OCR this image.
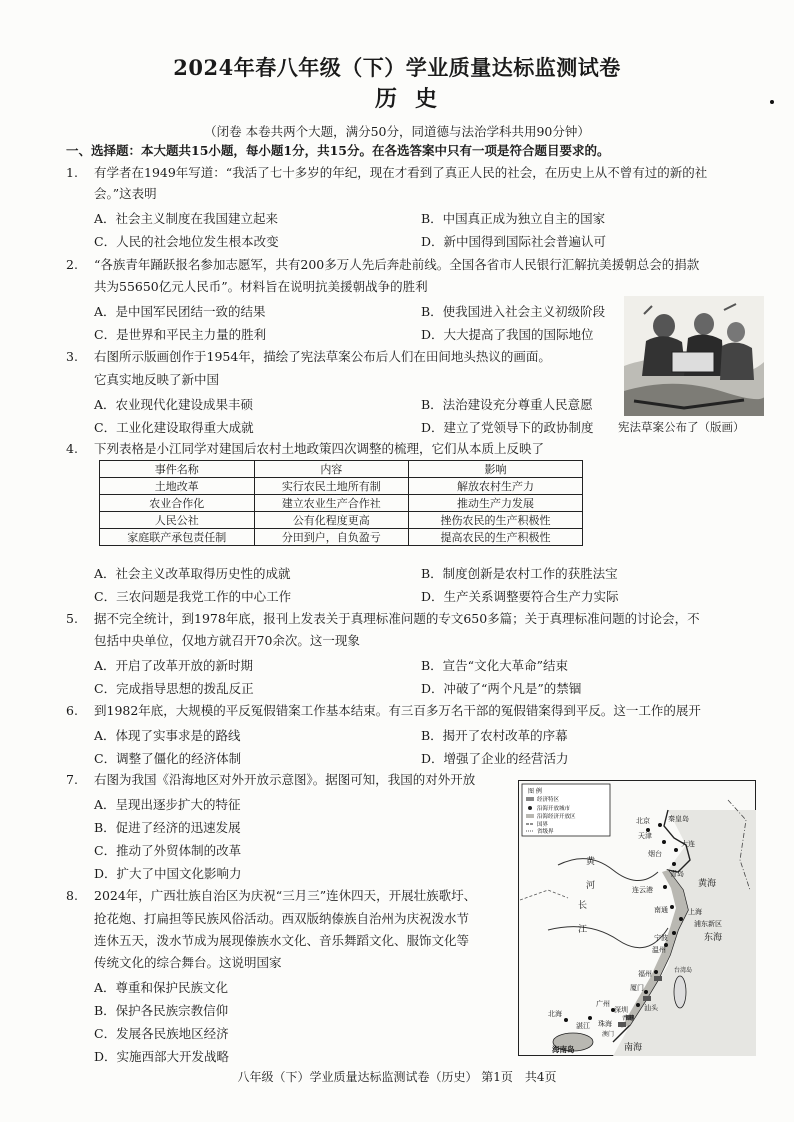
2024年春八年级（下）学业质量达标监测试卷
历史
（闭卷 本卷共两个大题，满分50分，同道德与法治学科共用90分钟）
一、选择题：本大题共15小题，每小题1分，共15分。在各选答案中只有一项是符合题目要求的。
1. 有学者在1949年写道：“我活了七十多岁的年纪，现在才看到了真正人民的社会，在历史上从不曾有过的新的社
会。”这表明
A．社会主义制度在我国建立起来	B．中国真正成为独立自主的国家
C．人民的社会地位发生根本改变	D．新中国得到国际社会普遍认可
2. “各族青年踊跃报名参加志愿军，共有200多万人先后奔赴前线。全国各省市人民银行汇解抗美援朝总会的捐款
共为55650亿元人民币”。材料旨在说明抗美援朝战争的胜利
A．是中国军民团结一致的结果	B．使我国进入社会主义初级阶段
C．是世界和平民主力量的胜利	D．大大提高了我国的国际地位
宪法草案公布了（版画）
3. 右图所示版画创作于1954年，描绘了宪法草案公布后人们在田间地头热议的画面。
它真实地反映了新中国
A．农业现代化建设成果丰硕	B．法治建设充分尊重人民意愿
C．工业化建设取得重大成就	D．建立了党领导下的政协制度
4. 下列表格是小江同学对建国后农村土地政策四次调整的梳理，它们从本质上反映了
事件名称	内容	影响
土地改革	实行农民土地所有制	解放农村生产力
农业合作化	建立农业生产合作社	推动生产力发展
人民公社	公有化程度更高	挫伤农民的生产积极性
家庭联产承包责任制	分田到户，自负盈亏	提高农民的生产积极性
A．社会主义改革取得历史性的成就	B．制度创新是农村工作的获胜法宝
C．三农问题是我党工作的中心工作	D．生产关系调整要符合生产力实际
5. 据不完全统计，到1978年底，报刊上发表关于真理标准问题的专文650多篇；关于真理标准问题的讨论会，不
包括中央单位，仅地方就召开70余次。这一现象
A．开启了改革开放的新时期	B．宣告“文化大革命”结束
C．完成指导思想的拨乱反正	D．冲破了“两个凡是”的禁锢
6. 到1982年底，大规模的平反冤假错案工作基本结束。有三百多万名干部的冤假错案得到平反。这一工作的展开
A．体现了实事求是的路线	B．揭开了农村改革的序幕
C．调整了僵化的经济体制	D．增强了企业的经营活力
7. 右图为我国《沿海地区对外开放示意图》。据图可知，我国的对外开放
A．呈现出逐步扩大的特征
B．促进了经济的迅速发展
C．推动了外贸体制的改革
D．扩大了中国文化影响力
8. 2024年，广西壮族自治区为庆祝“三月三”连休四天，开展壮族歌圩、
抢花炮、打扁担等民族风俗活动。西双版纳傣族自治州为庆祝泼水节
连休五天，泼水节成为展现傣族水文化、音乐舞蹈文化、服饰文化等
传统文化的综合舞台。这说明国家
A．尊重和保护民族文化
B．保护各民族宗教信仰
C．发展各民族地区经济
D．实施西部大开发战略
图 例
经济特区
沿海开放城市
沿海经济开放区
国界
省级界
北京	秦皇岛
天津
大连
烟台
青岛
连云港
南通	上海
浦东新区
宁波
温州
福州
厦门
汕头
广州
深圳
珠海
湛江
北海
香港
澳门
海南岛
台湾岛
黄河
长江
黄海
东海
南海
八年级（下）学业质量达标监测试卷（历史） 第1页　共4页
